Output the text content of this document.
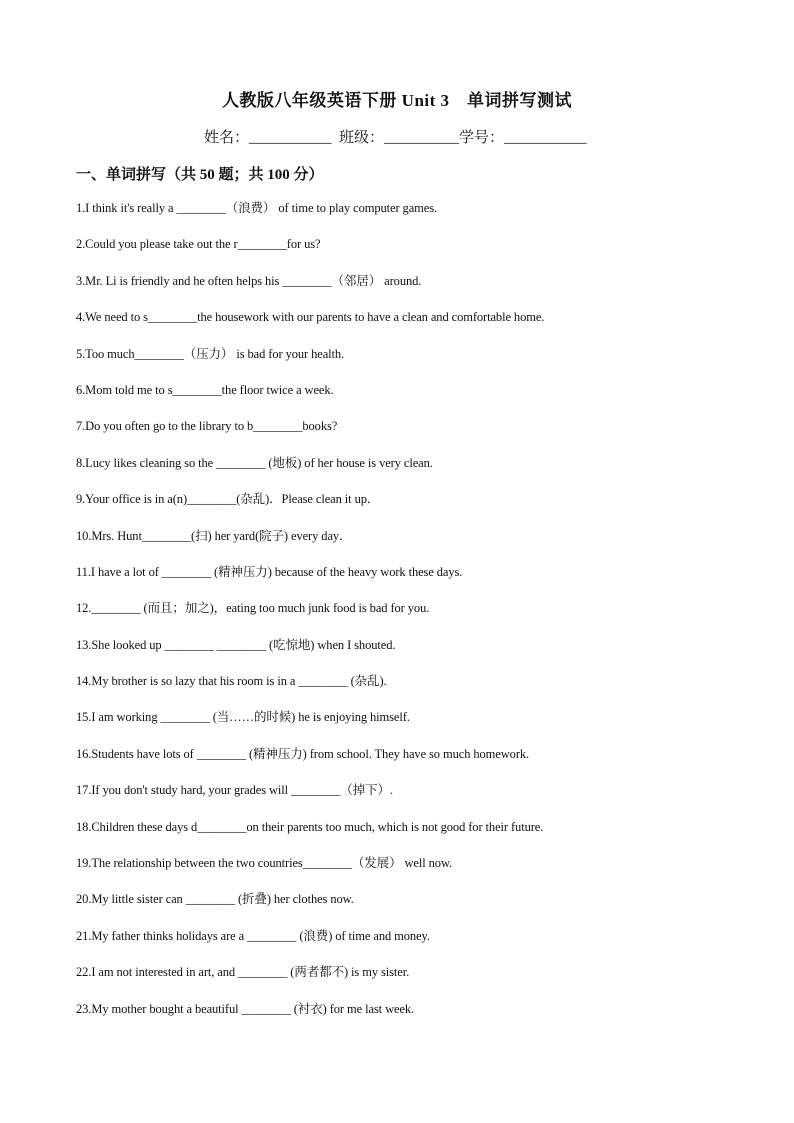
人教版八年级英语下册 Unit 3　单词拼写测试
姓名：___________ 班级：__________学号：___________
一、单词拼写（共 50 题；共 100 分）
1.I think it's really a ________（浪费） of time to play computer games.
2.Could you please take out the r________for us?
3.Mr. Li is friendly and he often helps his ________（邻居） around.
4.We need to s________the housework with our parents to have a clean and comfortable home.
5.Too much________（压力） is bad for your health.
6.Mom told me to s________the floor twice a week.
7.Do you often go to the library to b________books?
8.Lucy likes cleaning so the ________ (地板) of her house is very clean.
9.Your office is in a(n)________(杂乱)．Please clean it up．
10.Mrs. Hunt________(扫) her yard(院子) every day．
11.I have a lot of ________ (精神压力) because of the heavy work these days.
12.________ (而且；加之)，eating too much junk food is bad for you.
13.She looked up ________ ________ (吃惊地) when I shouted.
14.My brother is so lazy that his room is in a ________ (杂乱).
15.I am working ________ (当……的时候) he is enjoying himself.
16.Students have lots of ________ (精神压力) from school. They have so much homework.
17.If you don't study hard, your grades will ________（掉下）.
18.Children these days d________on their parents too much, which is not good for their future.
19.The relationship between the two countries________（发展） well now.
20.My little sister can ________ (折叠) her clothes now.
21.My father thinks holidays are a ________ (浪费) of time and money.
22.I am not interested in art, and ________ (两者都不) is my sister.
23.My mother bought a beautiful ________ (衬衣) for me last week.
